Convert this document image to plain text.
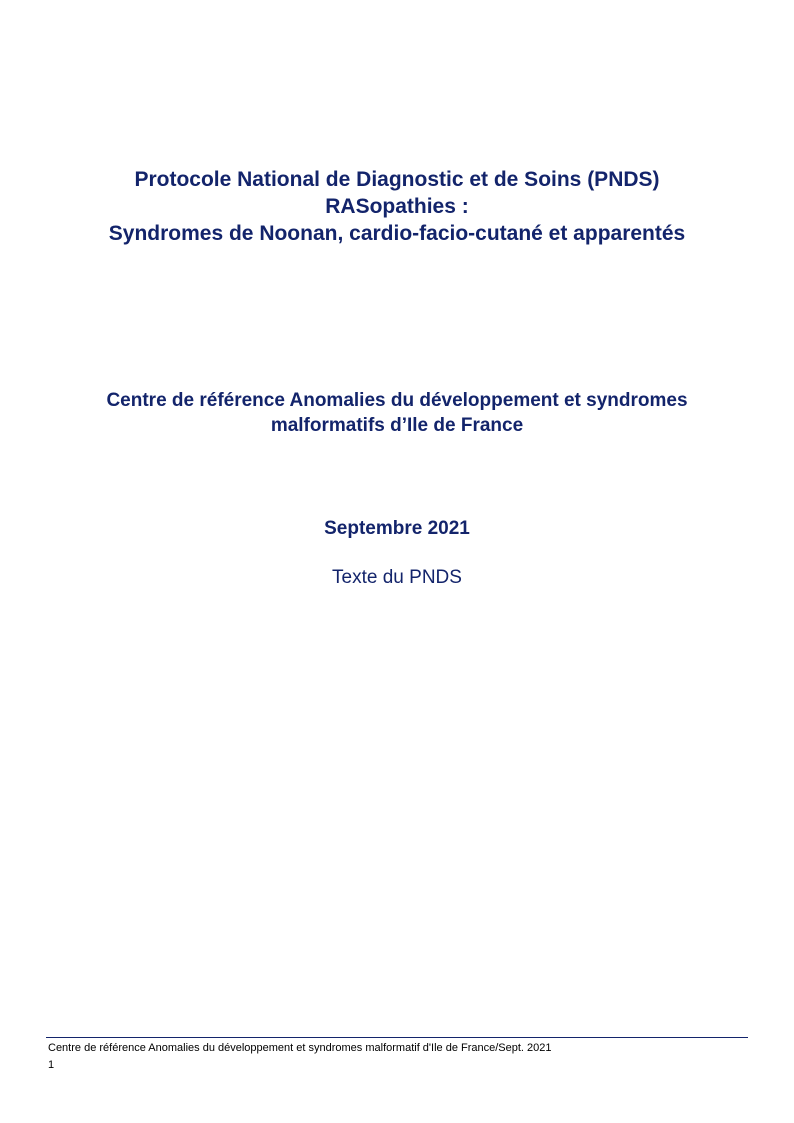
Protocole National de Diagnostic et de Soins (PNDS)
RASopathies :
Syndromes de Noonan, cardio-facio-cutané et apparentés
Centre de référence Anomalies du développement et syndromes
malformatifs d’Ile de France
Septembre 2021
Texte du PNDS
Centre de référence Anomalies du développement et syndromes malformatif d'Ile de France/Sept. 2021
1
